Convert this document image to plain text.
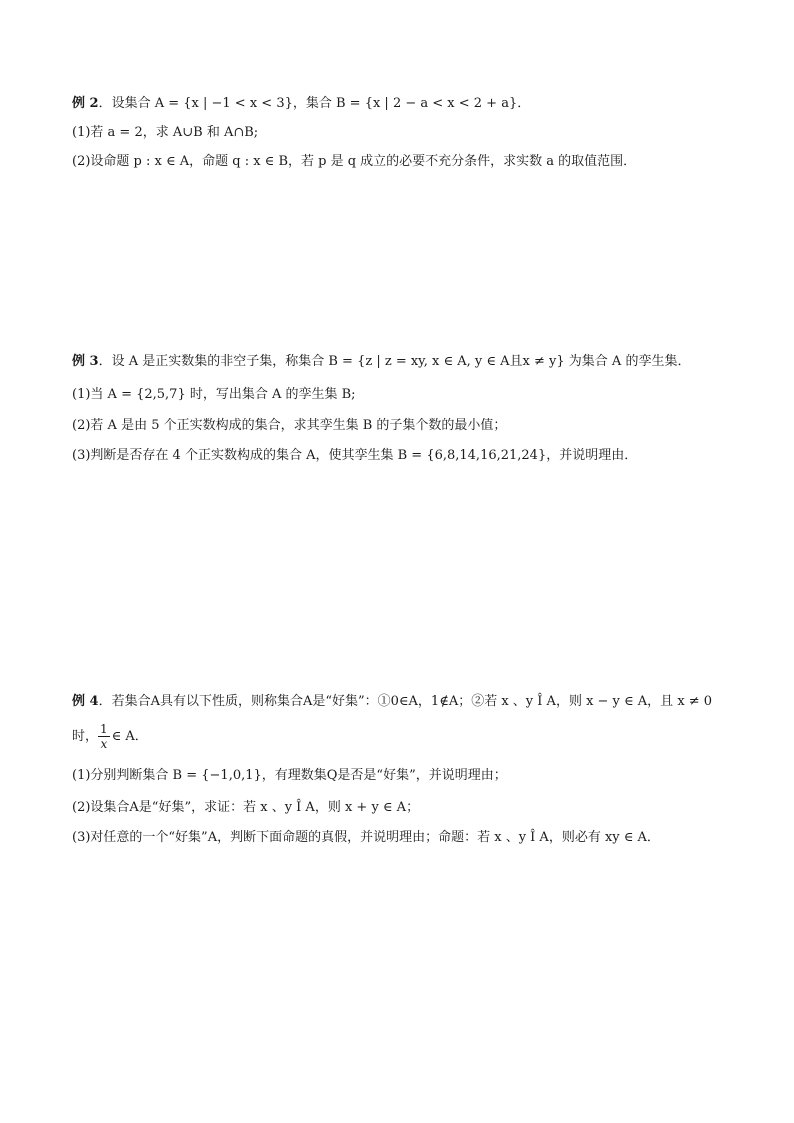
例 2．设集合 A = {x | −1 < x < 3}，集合 B = {x | 2 − a < x < 2 + a}．
(1)若 a = 2，求 A∪B 和 A∩B;
(2)设命题 p : x ∈ A，命题 q : x ∈ B，若 p 是 q 成立的必要不充分条件，求实数 a 的取值范围．
例 3．设 A 是正实数集的非空子集，称集合 B = {z | z = xy, x ∈ A, y ∈ A且x ≠ y} 为集合 A 的孪生集．
(1)当 A = {2,5,7} 时，写出集合 A 的孪生集 B;
(2)若 A 是由 5 个正实数构成的集合，求其孪生集 B 的子集个数的最小值；
(3)判断是否存在 4 个正实数构成的集合 A，使其孪生集 B = {6,8,14,16,21,24}，并说明理由．
例 4．若集合A具有以下性质，则称集合A是“好集”：①0∈A，1∉A；②若 x 、y Î A，则 x − y ∈ A，且 x ≠ 0
时， $\frac{1}{x}$ ∈ A．
(1)分别判断集合 B = {−1,0,1}，有理数集Q是否是“好集”，并说明理由；
(2)设集合A是“好集”，求证：若 x 、y Î A，则 x + y ∈ A；
(3)对任意的一个“好集”A，判断下面命题的真假，并说明理由；命题：若 x 、y Î A，则必有 xy ∈ A．
